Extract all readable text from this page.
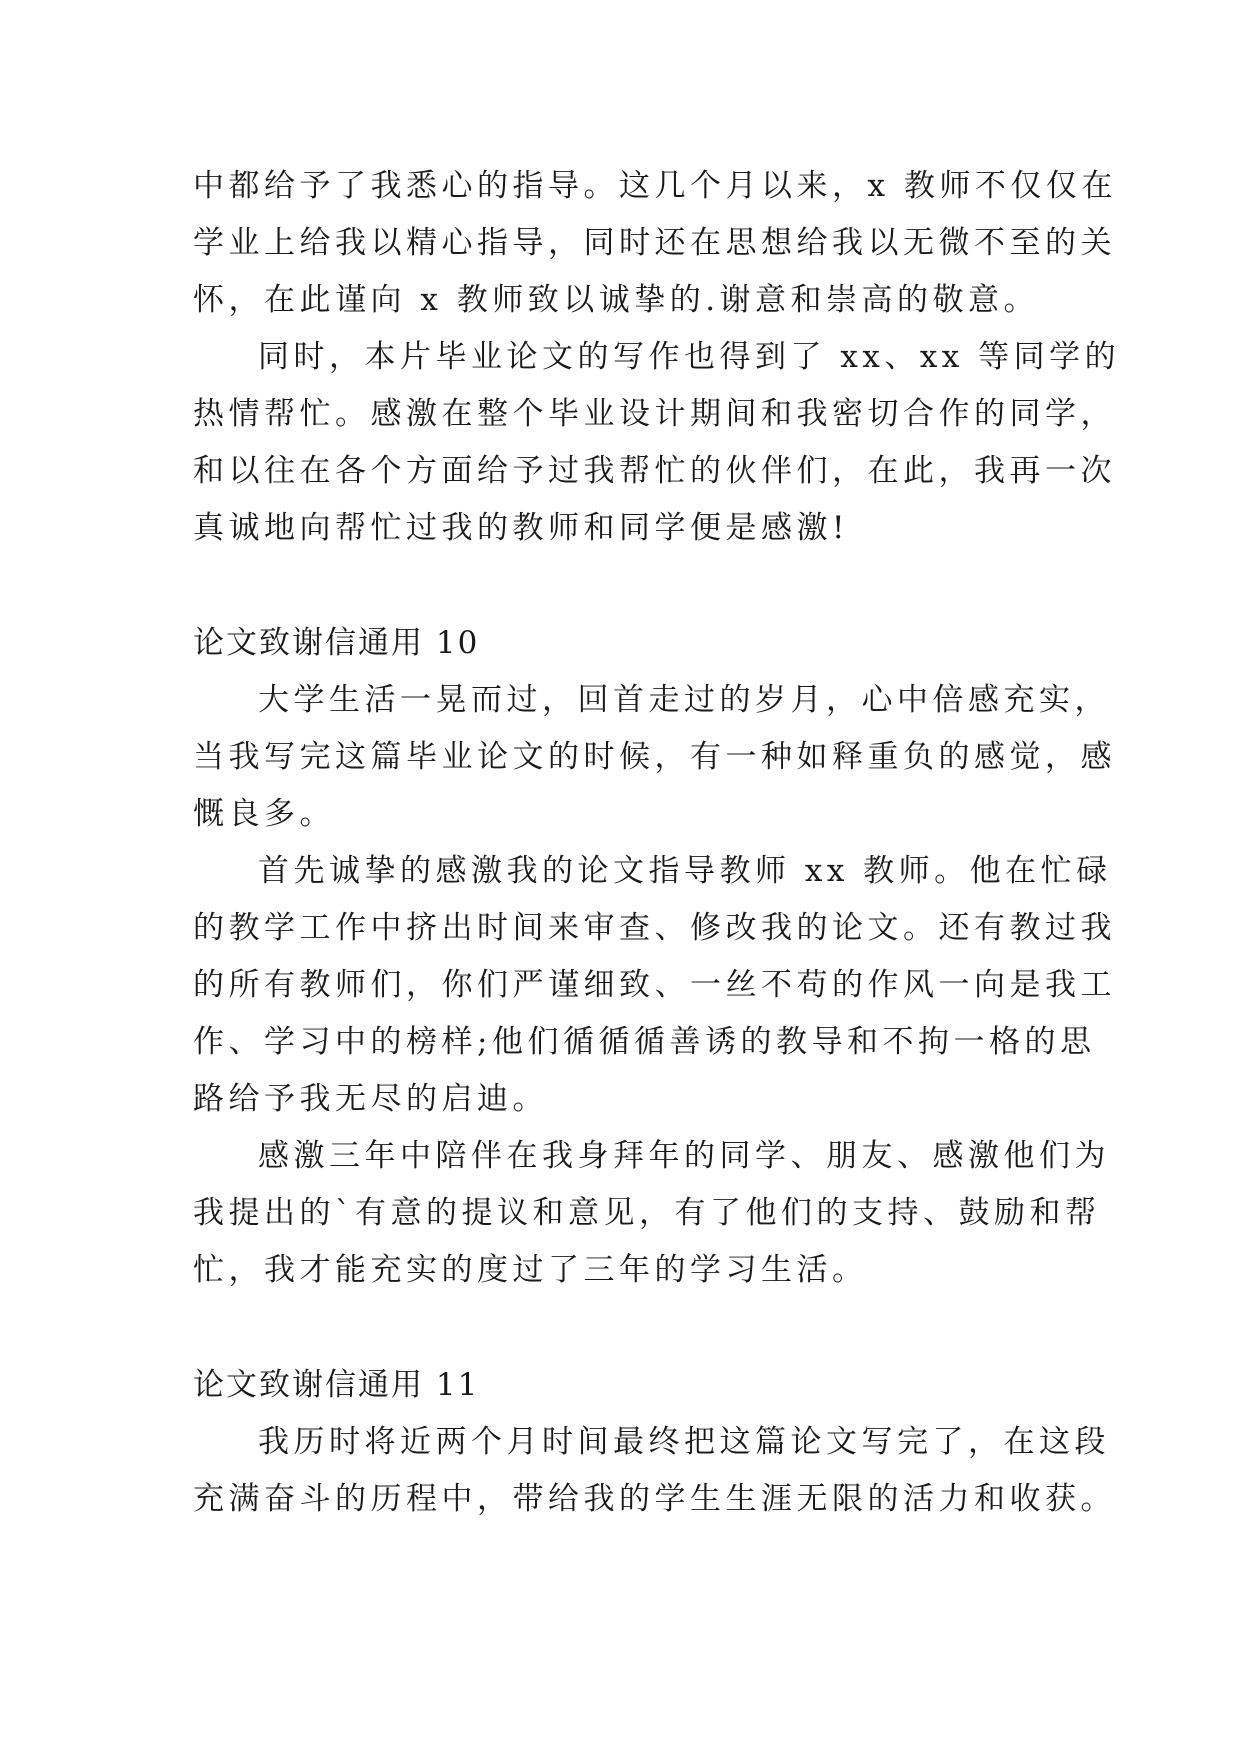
中都给予了我悉心的指导。这几个月以来，x 教师不仅仅在
学业上给我以精心指导，同时还在思想给我以无微不至的关
怀，在此谨向 x 教师致以诚挚的.谢意和崇高的敬意。
同时，本片毕业论文的写作也得到了 xx、xx 等同学的
热情帮忙。感激在整个毕业设计期间和我密切合作的同学，
和以往在各个方面给予过我帮忙的伙伴们，在此，我再一次
真诚地向帮忙过我的教师和同学便是感激!
论文致谢信通用 10
大学生活一晃而过，回首走过的岁月，心中倍感充实，
当我写完这篇毕业论文的时候，有一种如释重负的感觉，感
慨良多。
首先诚挚的感激我的论文指导教师 xx 教师。他在忙碌
的教学工作中挤出时间来审查、修改我的论文。还有教过我
的所有教师们，你们严谨细致、一丝不苟的作风一向是我工
作、学习中的榜样;他们循循循善诱的教导和不拘一格的思
路给予我无尽的启迪。
感激三年中陪伴在我身拜年的同学、朋友、感激他们为
我提出的`有意的提议和意见，有了他们的支持、鼓励和帮
忙，我才能充实的度过了三年的学习生活。
论文致谢信通用 11
我历时将近两个月时间最终把这篇论文写完了，在这段
充满奋斗的历程中，带给我的学生生涯无限的活力和收获。
